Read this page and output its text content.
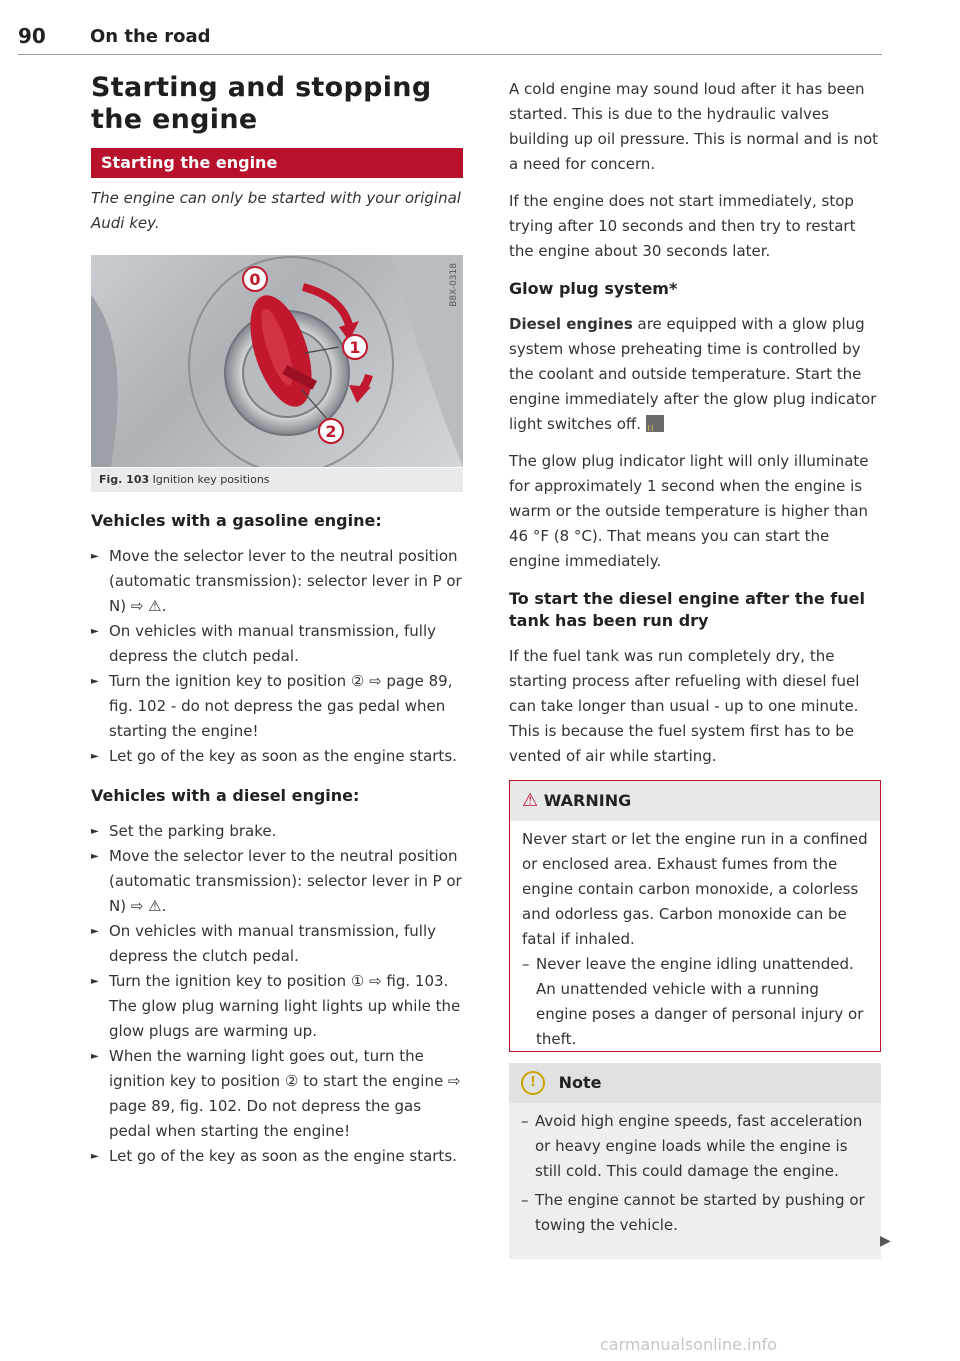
90 On the road
Starting and stopping the engine
Starting the engine
The engine can only be started with your original Audi key.
0
1
2
B8X-0318
Fig. 103 Ignition key positions
Vehicles with a gasoline engine:
► Move the selector lever to the neutral position (automatic transmission): selector lever in P or N) ⇨ ⚠.
► On vehicles with manual transmission, fully depress the clutch pedal.
► Turn the ignition key to position ② ⇨ page 89, fig. 102 - do not depress the gas pedal when starting the engine!
► Let go of the key as soon as the engine starts.
Vehicles with a diesel engine:
► Set the parking brake.
► Move the selector lever to the neutral position (automatic transmission): selector lever in P or N) ⇨ ⚠.
► On vehicles with manual transmission, fully depress the clutch pedal.
► Turn the ignition key to position ① ⇨ fig. 103. The glow plug warning light lights up while the glow plugs are warming up.
► When the warning light goes out, turn the ignition key to position ② to start the engine ⇨ page 89, fig. 102. Do not depress the gas pedal when starting the engine!
► Let go of the key as soon as the engine starts.
A cold engine may sound loud after it has been started. This is due to the hydraulic valves building up oil pressure. This is normal and is not a need for concern.
If the engine does not start immediately, stop trying after 10 seconds and then try to restart the engine about 30 seconds later.
Glow plug system*
Diesel engines are equipped with a glow plug system whose preheating time is controlled by the coolant and outside temperature. Start the engine immediately after the glow plug indicator light switches off. ≀≀
The glow plug indicator light will only illuminate for approximately 1 second when the engine is warm or the outside temperature is higher than 46 °F (8 °C). That means you can start the engine immediately.
To start the diesel engine after the fuel tank has been run dry
If the fuel tank was run completely dry, the starting process after refueling with diesel fuel can take longer than usual - up to one minute. This is because the fuel system first has to be vented of air while starting.
⚠ WARNING
Never start or let the engine run in a confined or enclosed area. Exhaust fumes from the engine contain carbon monoxide, a colorless and odorless gas. Carbon monoxide can be fatal if inhaled.
– Never leave the engine idling unattended. An unattended vehicle with a running engine poses a danger of personal injury or theft.
! Note
– Avoid high engine speeds, fast acceleration or heavy engine loads while the engine is still cold. This could damage the engine.
– The engine cannot be started by pushing or towing the vehicle.
▶
carmanualsonline.info
